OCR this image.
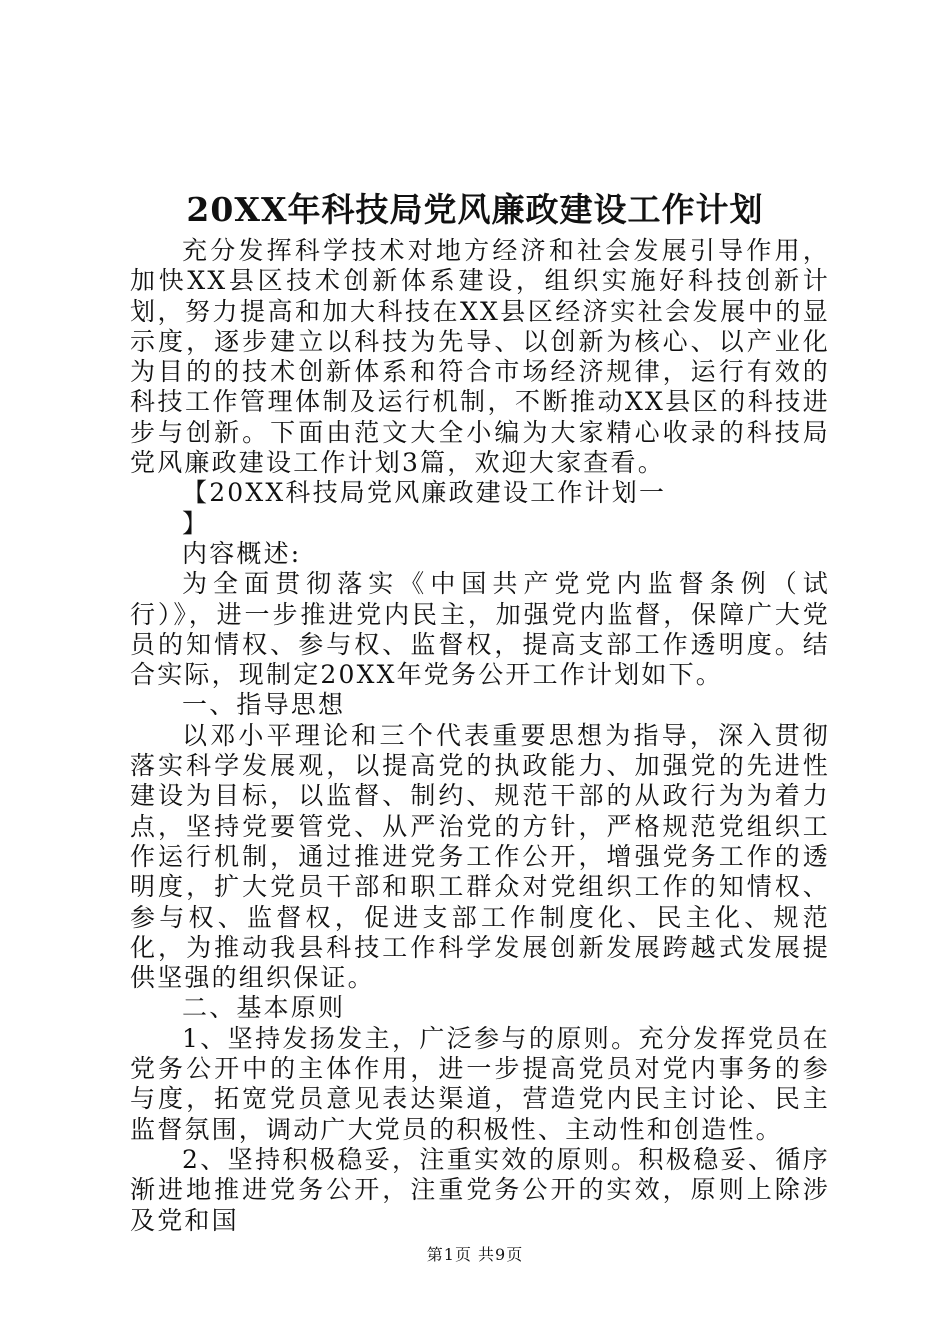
20XX年科技局党风廉政建设工作计划

充分发挥科学技术对地方经济和社会发展引导作用，加快XX县区技术创新体系建设，组织实施好科技创新计划，努力提高和加大科技在XX县区经济实社会发展中的显示度，逐步建立以科技为先导、以创新为核心、以产业化为目的的技术创新体系和符合市场经济规律，运行有效的科技工作管理体制及运行机制，不断推动XX县区的科技进步与创新。下面由范文大全小编为大家精心收录的科技局党风廉政建设工作计划3篇，欢迎大家查看。

【20XX科技局党风廉政建设工作计划一

】

内容概述:

为全面贯彻落实《中国共产党党内监督条例（试行）》，进一步推进党内民主，加强党内监督，保障广大党员的知情权、参与权、监督权，提高支部工作透明度。结合实际，现制定20XX年党务公开工作计划如下。

一、指导思想

以邓小平理论和三个代表重要思想为指导，深入贯彻落实科学发展观，以提高党的执政能力、加强党的先进性建设为目标，以监督、制约、规范干部的从政行为为着力点，坚持党要管党、从严治党的方针，严格规范党组织工作运行机制，通过推进党务工作公开，增强党务工作的透明度，扩大党员干部和职工群众对党组织工作的知情权、参与权、监督权，促进支部工作制度化、民主化、规范化，为推动我县科技工作科学发展创新发展跨越式发展提供坚强的组织保证。

二、基本原则

1、坚持发扬发主，广泛参与的原则。充分发挥党员在党务公开中的主体作用，进一步提高党员对党内事务的参与度，拓宽党员意见表达渠道，营造党内民主讨论、民主监督氛围，调动广大党员的积极性、主动性和创造性。

2、坚持积极稳妥，注重实效的原则。积极稳妥、循序渐进地推进党务公开，注重党务公开的实效，原则上除涉及党和国

第1页 共9页
